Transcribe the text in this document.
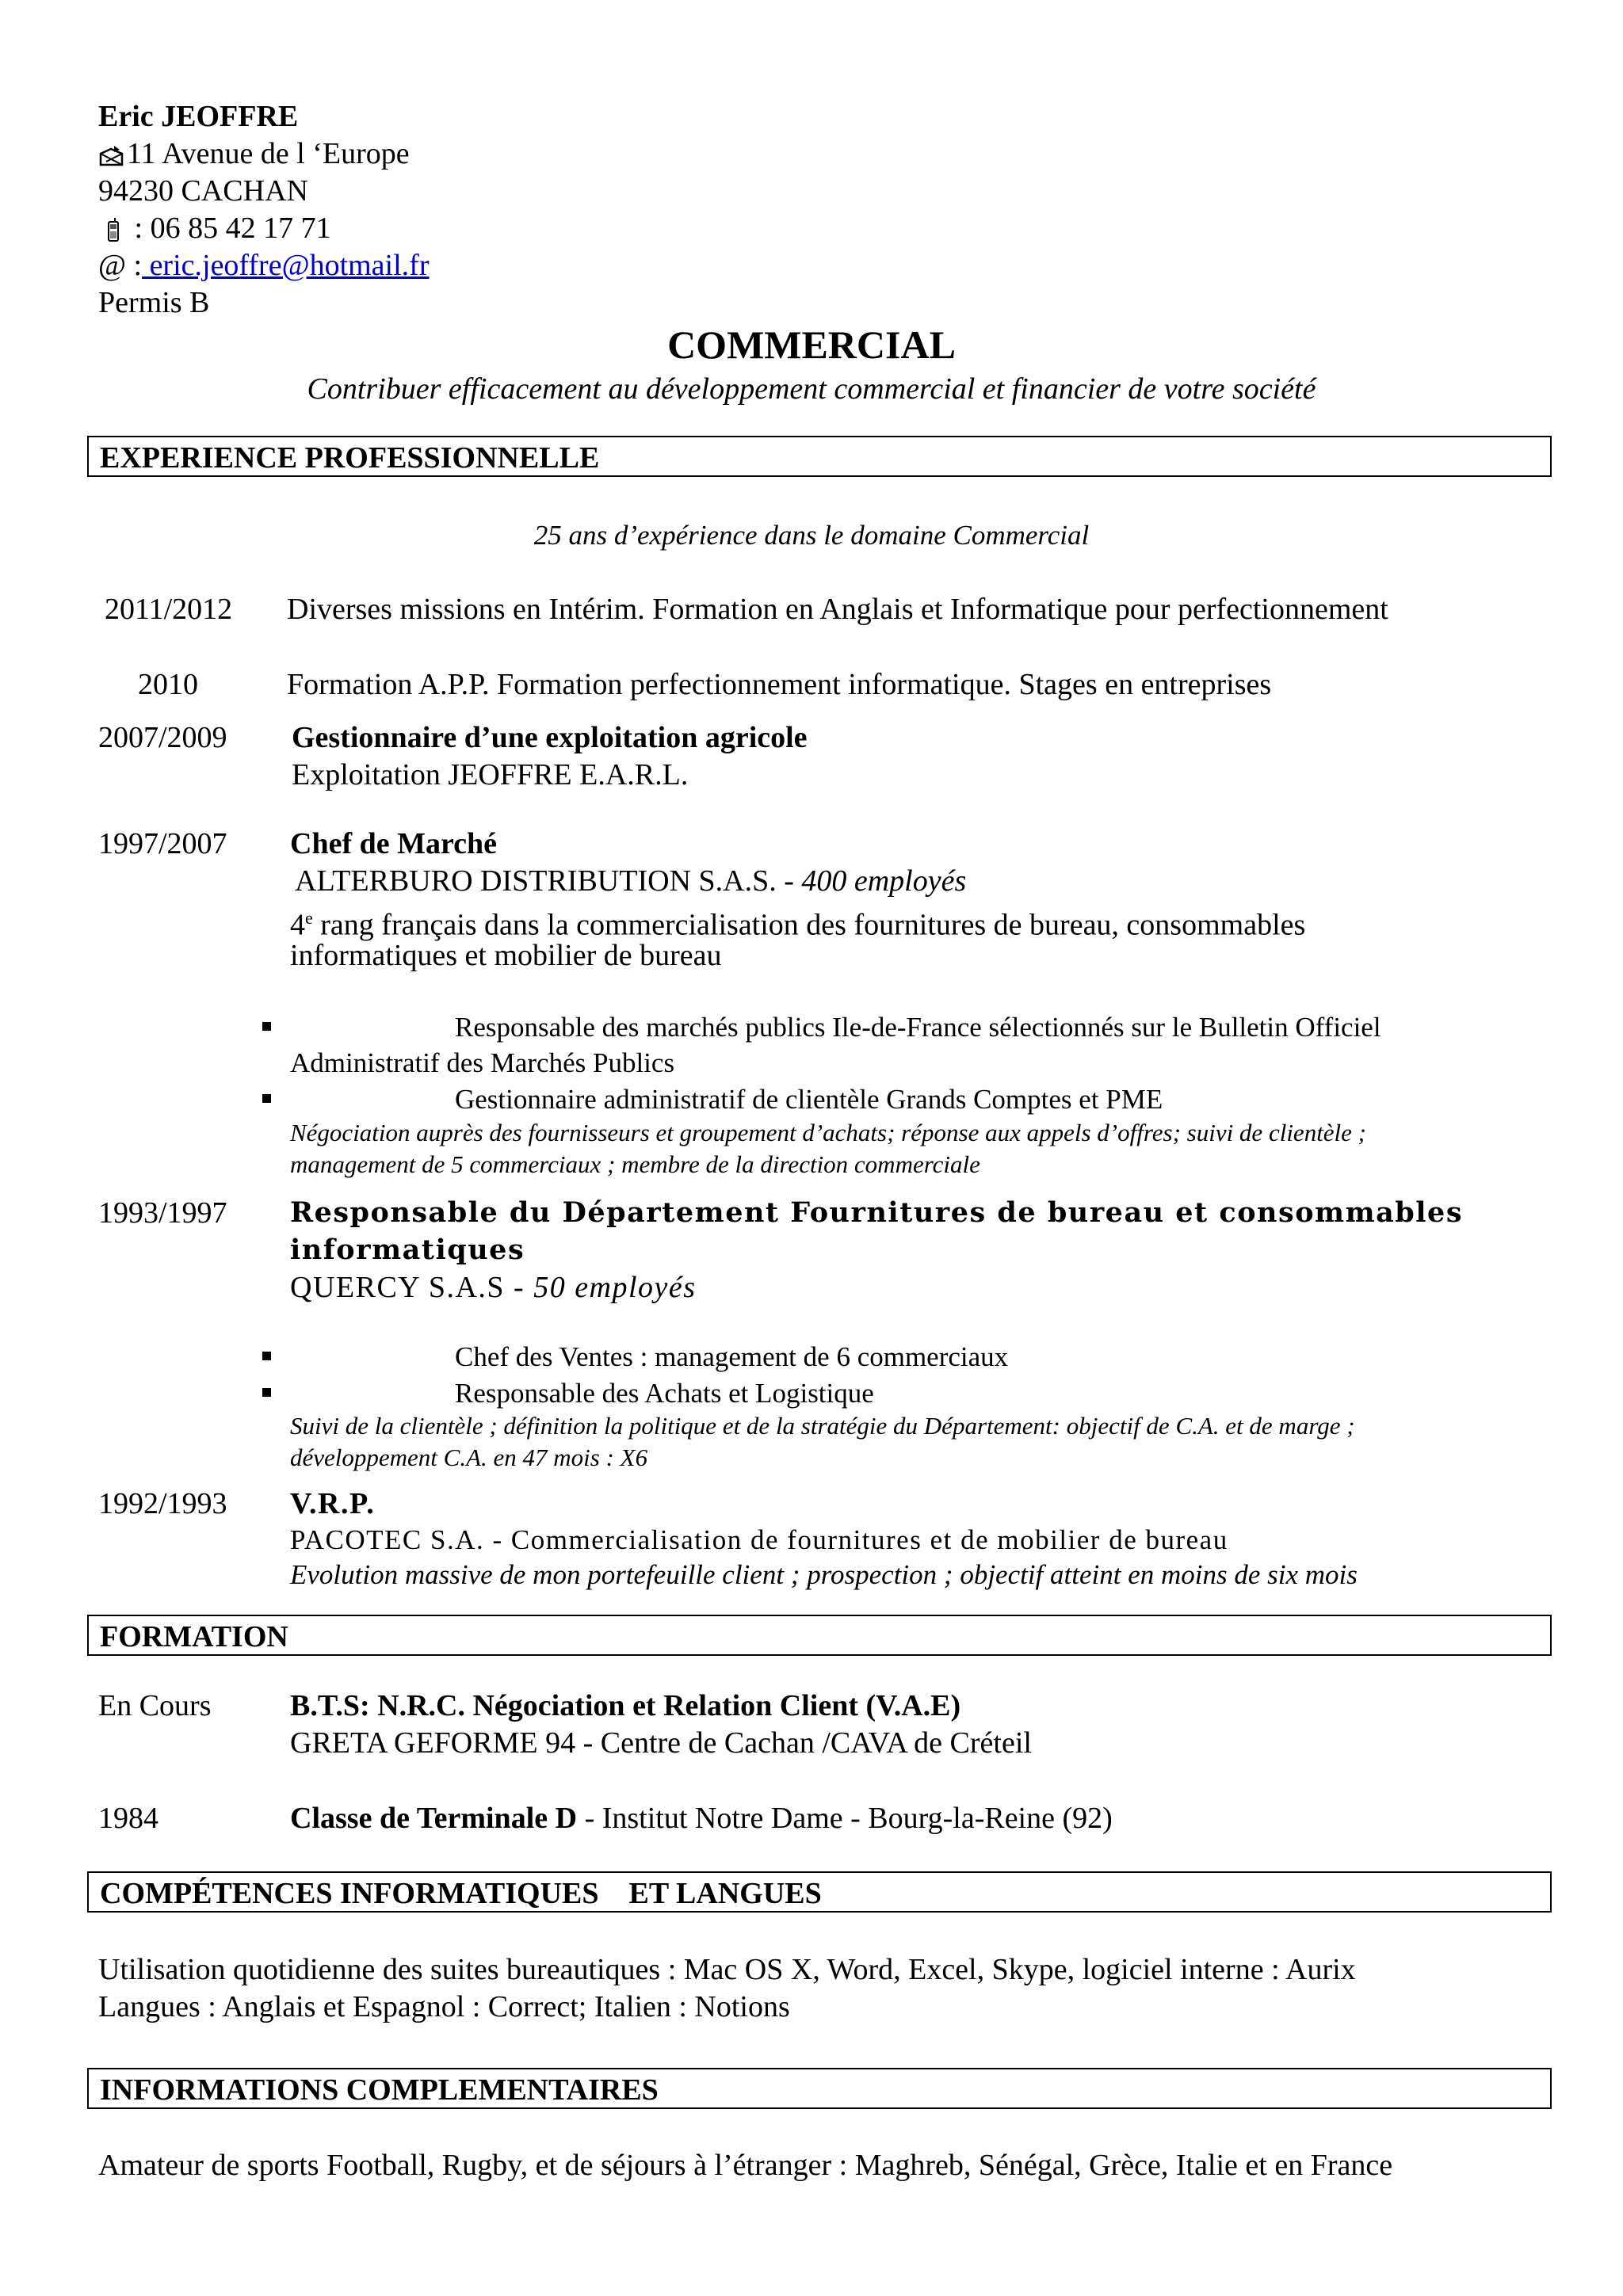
Eric JEOFFRE
11 Avenue de l ‘Europe
94230 CACHAN
: 06 85 42 17 71
@ : eric.jeoffre@hotmail.fr
Permis B
COMMERCIAL
Contribuer efficacement au développement commercial et financier de votre société
EXPERIENCE PROFESSIONNELLE
25 ans d’expérience dans le domaine Commercial
2011/2012 Diverses missions en Intérim. Formation en Anglais et Informatique pour perfectionnement
2010	Formation A.P.P. Formation perfectionnement informatique. Stages en entreprises
2007/2009 Gestionnaire d’une exploitation agricole
Exploitation JEOFFRE E.A.R.L.
1997/2007 Chef de Marché
ALTERBURO DISTRIBUTION S.A.S. - 400 employés
4e rang français dans la commercialisation des fournitures de bureau, consommables
informatiques et mobilier de bureau
Responsable des marchés publics Ile-de-France sélectionnés sur le Bulletin Officiel
Administratif des Marchés Publics
Gestionnaire administratif de clientèle Grands Comptes et PME
Négociation auprès des fournisseurs et groupement d’achats; réponse aux appels d’offres; suivi de clientèle ;
management de 5 commerciaux ; membre de la direction commerciale
1993/1997 Responsable du Département Fournitures de bureau et consommables
informatiques
QUERCY S.A.S - 50 employés
Chef des Ventes : management de 6 commerciaux
Responsable des Achats et Logistique
Suivi de la clientèle ; définition la politique et de la stratégie du Département: objectif de C.A. et de marge ;
développement C.A. en 47 mois : X6
1992/1993 V.R.P.
PACOTEC S.A. - Commercialisation de fournitures et de mobilier de bureau
Evolution massive de mon portefeuille client ; prospection ; objectif atteint en moins de six mois
FORMATION
En Cours	B.T.S: N.R.C. Négociation et Relation Client (V.A.E)
GRETA GEFORME 94 - Centre de Cachan /CAVA de Créteil
1984	Classe de Terminale D - Institut Notre Dame - Bourg-la-Reine (92)
COMPÉTENCES INFORMATIQUES    ET LANGUES
Utilisation quotidienne des suites bureautiques : Mac OS X, Word, Excel, Skype, logiciel interne : Aurix
Langues : Anglais et Espagnol : Correct; Italien : Notions
INFORMATIONS COMPLEMENTAIRES
Amateur de sports Football, Rugby, et de séjours à l’étranger : Maghreb, Sénégal, Grèce, Italie et en France
